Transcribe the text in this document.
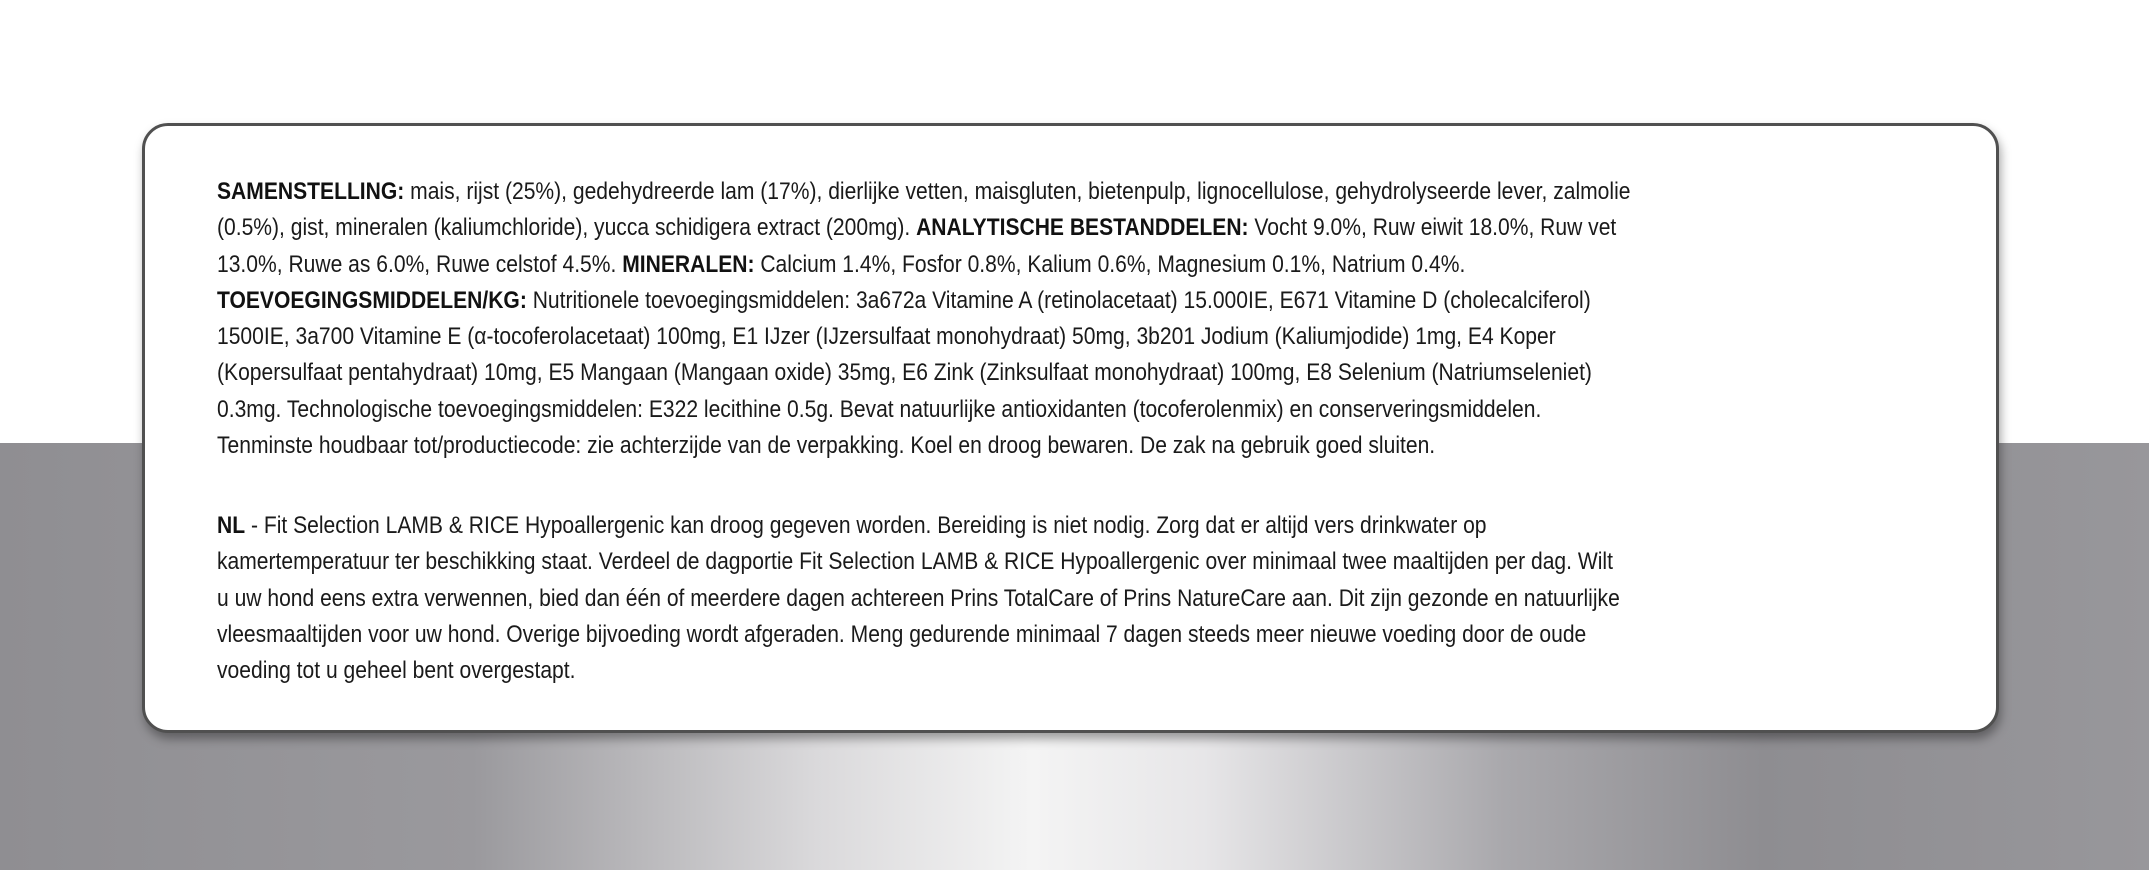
SAMENSTELLING: mais, rijst (25%), gedehydreerde lam (17%), dierlijke vetten, maisgluten, bietenpulp, lignocellulose, gehydrolyseerde lever, zalmolie
(0.5%), gist, mineralen (kaliumchloride), yucca schidigera extract (200mg). ANALYTISCHE BESTANDDELEN: Vocht 9.0%, Ruw eiwit 18.0%, Ruw vet
13.0%, Ruwe as 6.0%, Ruwe celstof 4.5%. MINERALEN: Calcium 1.4%, Fosfor 0.8%, Kalium 0.6%, Magnesium 0.1%, Natrium 0.4%.
TOEVOEGINGSMIDDELEN/KG: Nutritionele toevoegingsmiddelen: 3a672a Vitamine A (retinolacetaat) 15.000IE, E671 Vitamine D (cholecalciferol)
1500IE, 3a700 Vitamine E (α-tocoferolacetaat) 100mg, E1 IJzer (IJzersulfaat monohydraat) 50mg, 3b201 Jodium (Kaliumjodide) 1mg, E4 Koper
(Kopersulfaat pentahydraat) 10mg, E5 Mangaan (Mangaan oxide) 35mg, E6 Zink (Zinksulfaat monohydraat) 100mg, E8 Selenium (Natriumseleniet)
0.3mg. Technologische toevoegingsmiddelen: E322 lecithine 0.5g. Bevat natuurlijke antioxidanten (tocoferolenmix) en conserveringsmiddelen.
Tenminste houdbaar tot/productiecode: zie achterzijde van de verpakking. Koel en droog bewaren. De zak na gebruik goed sluiten.

NL - Fit Selection LAMB & RICE Hypoallergenic kan droog gegeven worden. Bereiding is niet nodig. Zorg dat er altijd vers drinkwater op
kamertemperatuur ter beschikking staat. Verdeel de dagportie Fit Selection LAMB & RICE Hypoallergenic over minimaal twee maaltijden per dag. Wilt
u uw hond eens extra verwennen, bied dan één of meerdere dagen achtereen Prins TotalCare of Prins NatureCare aan. Dit zijn gezonde en natuurlijke
vleesmaaltijden voor uw hond. Overige bijvoeding wordt afgeraden. Meng gedurende minimaal 7 dagen steeds meer nieuwe voeding door de oude
voeding tot u geheel bent overgestapt.
